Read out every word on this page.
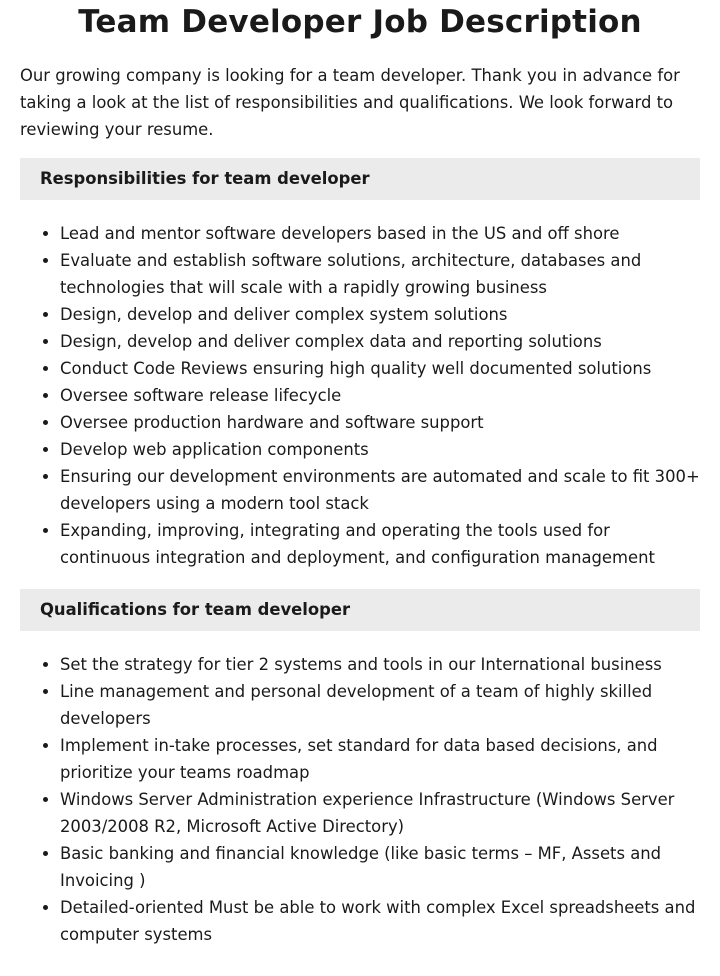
Team Developer Job Description

Our growing company is looking for a team developer. Thank you in advance for taking a look at the list of responsibilities and qualifications. We look forward to reviewing your resume.

Responsibilities for team developer
• Lead and mentor software developers based in the US and off shore
• Evaluate and establish software solutions, architecture, databases and technologies that will scale with a rapidly growing business
• Design, develop and deliver complex system solutions
• Design, develop and deliver complex data and reporting solutions
• Conduct Code Reviews ensuring high quality well documented solutions
• Oversee software release lifecycle
• Oversee production hardware and software support
• Develop web application components
• Ensuring our development environments are automated and scale to fit 300+ developers using a modern tool stack
• Expanding, improving, integrating and operating the tools used for continuous integration and deployment, and configuration management
Qualifications for team developer
• Set the strategy for tier 2 systems and tools in our International business
• Line management and personal development of a team of highly skilled developers
• Implement in-take processes, set standard for data based decisions, and prioritize your teams roadmap
• Windows Server Administration experience Infrastructure (Windows Server 2003/2008 R2, Microsoft Active Directory)
• Basic banking and financial knowledge (like basic terms – MF, Assets and Invoicing )
• Detailed-oriented Must be able to work with complex Excel spreadsheets and computer systems
